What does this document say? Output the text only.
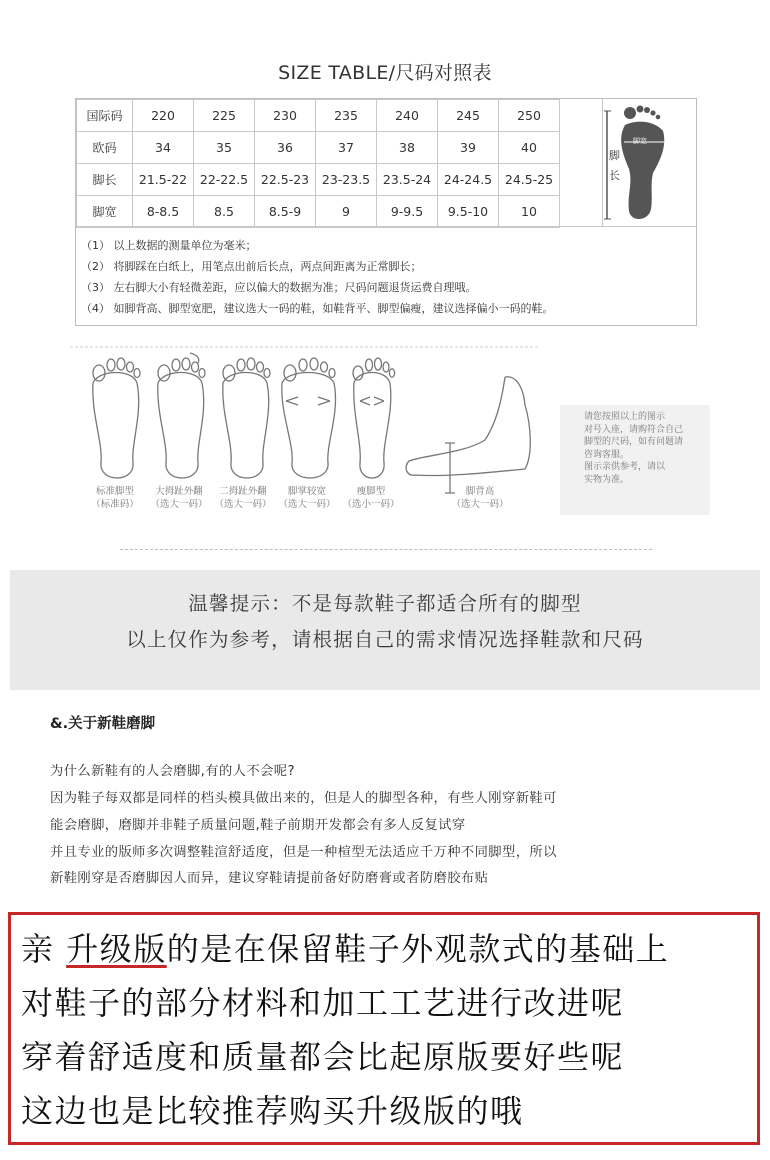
SIZE TABLE/尺码对照表
国际码	220	225	230	235	240	245	250
欧码	34	35	36	37	38	39	40
脚长	21.5-22	22-22.5	22.5-23	23-23.5	23.5-24	24-24.5	24.5-25
脚宽	8-8.5	8.5	8.5-9	9	9-9.5	9.5-10	10
脚
长
脚宽
（1） 以上数据的测量单位为毫米；
（2） 将脚踩在白纸上，用笔点出前后长点，两点间距离为正常脚长；
（3） 左右脚大小有轻微差距，应以偏大的数据为准；尺码问题退货运费自理哦。
（4） 如脚背高、脚型宽肥，建议选大一码的鞋，如鞋背平、脚型偏瘦，建议选择偏小一码的鞋。
标准脚型
（标准码）
大拇趾外翻
（选大一码）
二拇趾外翻
（选大一码）
脚掌较宽
（选大一码）
瘦脚型
（选小一码）
脚背高
（选大一码）
请您按照以上的图示
对号入座，请购符合自己
脚型的尺码，如有问题请
咨询客服。
图示亲供参考，请以
实物为准。
温馨提示：不是每款鞋子都适合所有的脚型
以上仅作为参考，请根据自己的需求情况选择鞋款和尺码
&.关于新鞋磨脚
为什么新鞋有的人会磨脚,有的人不会呢?
因为鞋子每双都是同样的档头模具做出来的，但是人的脚型各种，有些人刚穿新鞋可
能会磨脚，磨脚并非鞋子质量问题,鞋子前期开发都会有多人反复试穿
并且专业的版师多次调整鞋渲舒适度，但是一种楦型无法适应千万种不同脚型，所以
新鞋刚穿是否磨脚因人而异，建议穿鞋请提前备好防磨膏或者防磨胶布贴
亲 升级版的是在保留鞋子外观款式的基础上
对鞋子的部分材料和加工工艺进行改进呢
穿着舒适度和质量都会比起原版要好些呢
这边也是比较推荐购买升级版的哦
